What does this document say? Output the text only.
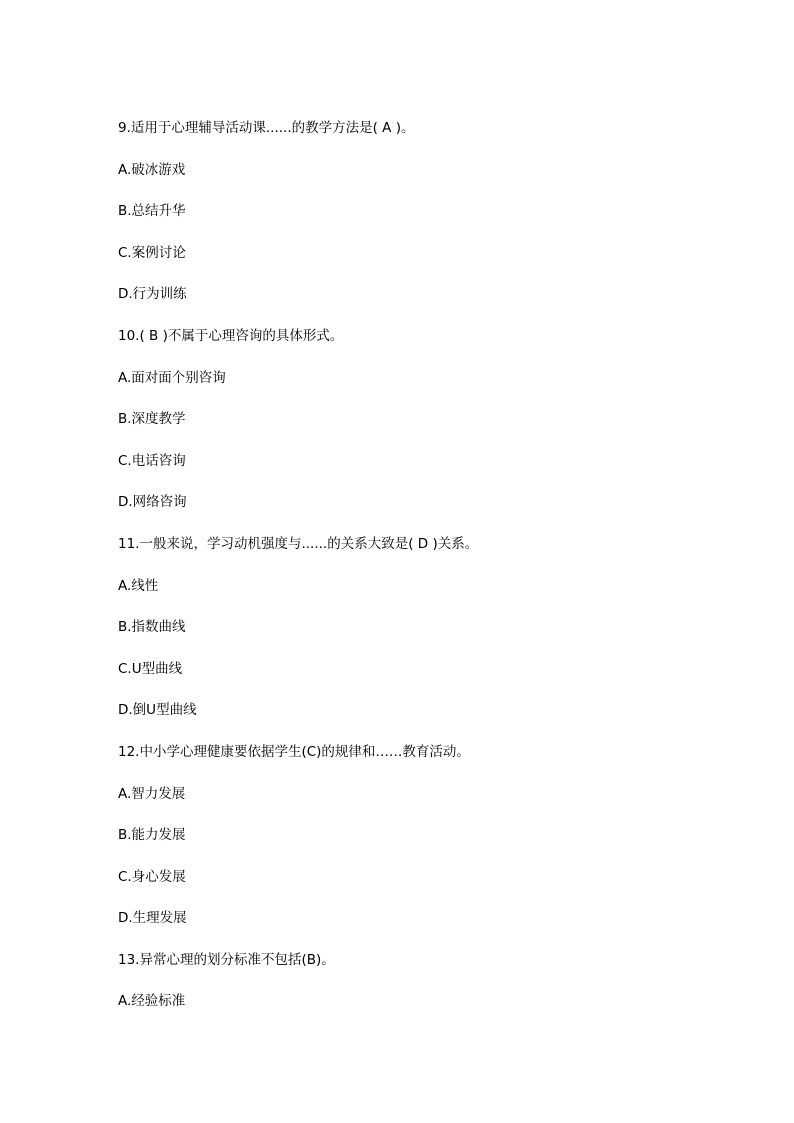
9.适用于心理辅导活动课......的教学方法是( A )。
A.破冰游戏
B.总结升华
C.案例讨论
D.行为训练
10.( B )不属于心理咨询的具体形式。
A.面对面个别咨询
B.深度教学
C.电话咨询
D.网络咨询
11.一般来说，学习动机强度与......的关系大致是( D )关系。
A.线性
B.指数曲线
C.U型曲线
D.倒U型曲线
12.中小学心理健康要依据学生(C)的规律和……教育活动。
A.智力发展
B.能力发展
C.身心发展
D.生理发展
13.异常心理的划分标准不包括(B)。
A.经验标准
